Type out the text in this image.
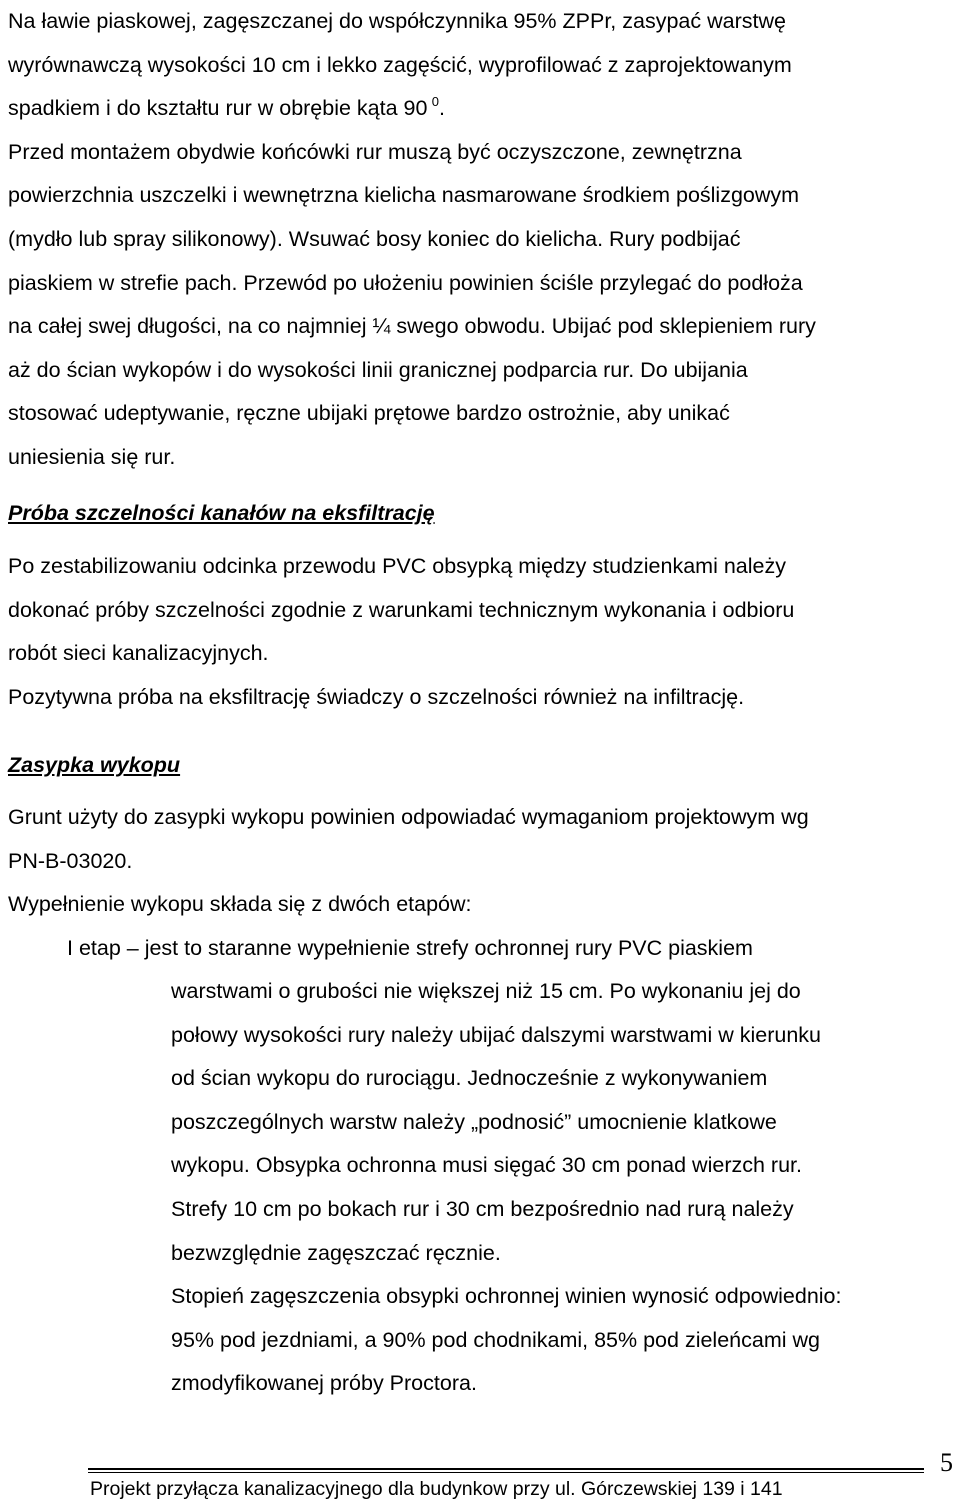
Na ławie piaskowej, zagęszczanej do współczynnika 95% ZPPr, zasypać warstwę
wyrównawczą wysokości 10 cm i lekko zagęścić, wyprofilować z zaprojektowanym
spadkiem i do kształtu rur w obrębie kąta 90  $^0$.
Przed montażem obydwie końcówki rur muszą być oczyszczone, zewnętrzna
powierzchnia uszczelki i wewnętrzna kielicha nasmarowane środkiem poślizgowym
(mydło lub spray silikonowy). Wsuwać bosy koniec do kielicha. Rury podbijać
piaskiem w strefie pach. Przewód po ułożeniu powinien ściśle przylegać do podłoża
na całej swej długości, na co najmniej ¼ swego obwodu. Ubijać pod sklepieniem rury
aż do ścian wykopów i do wysokości linii granicznej podparcia rur. Do ubijania
stosować udeptywanie, ręczne ubijaki prętowe bardzo ostrożnie, aby unikać
uniesienia się rur.
Próba szczelności kanałów na eksfiltrację
Po zestabilizowaniu odcinka przewodu PVC obsypką między studzienkami należy
dokonać próby szczelności zgodnie z warunkami technicznym wykonania i odbioru
robót sieci kanalizacyjnych.
Pozytywna próba na eksfiltrację świadczy o szczelności również na infiltrację.
Zasypka wykopu
Grunt użyty do zasypki wykopu powinien odpowiadać wymaganiom projektowym wg
PN-B-03020.
Wypełnienie wykopu składa się z dwóch etapów:
I etap – jest to staranne wypełnienie strefy ochronnej rury PVC piaskiem
warstwami o grubości nie większej niż 15 cm. Po wykonaniu jej do
połowy wysokości rury należy ubijać dalszymi warstwami w kierunku
od ścian wykopu do rurociągu. Jednocześnie z wykonywaniem
poszczególnych warstw należy „podnosić” umocnienie klatkowe
wykopu. Obsypka ochronna musi sięgać 30 cm ponad wierzch rur.
Strefy 10 cm po bokach rur i 30 cm bezpośrednio nad rurą należy
bezwzględnie zagęszczać ręcznie.
Stopień zagęszczenia obsypki ochronnej winien wynosić odpowiednio:
95% pod jezdniami, a 90% pod chodnikami, 85% pod zieleńcami wg
zmodyfikowanej próby Proctora.
5
Projekt przyłącza kanalizacyjnego dla budynkow przy ul. Górczewskiej 139 i 141
